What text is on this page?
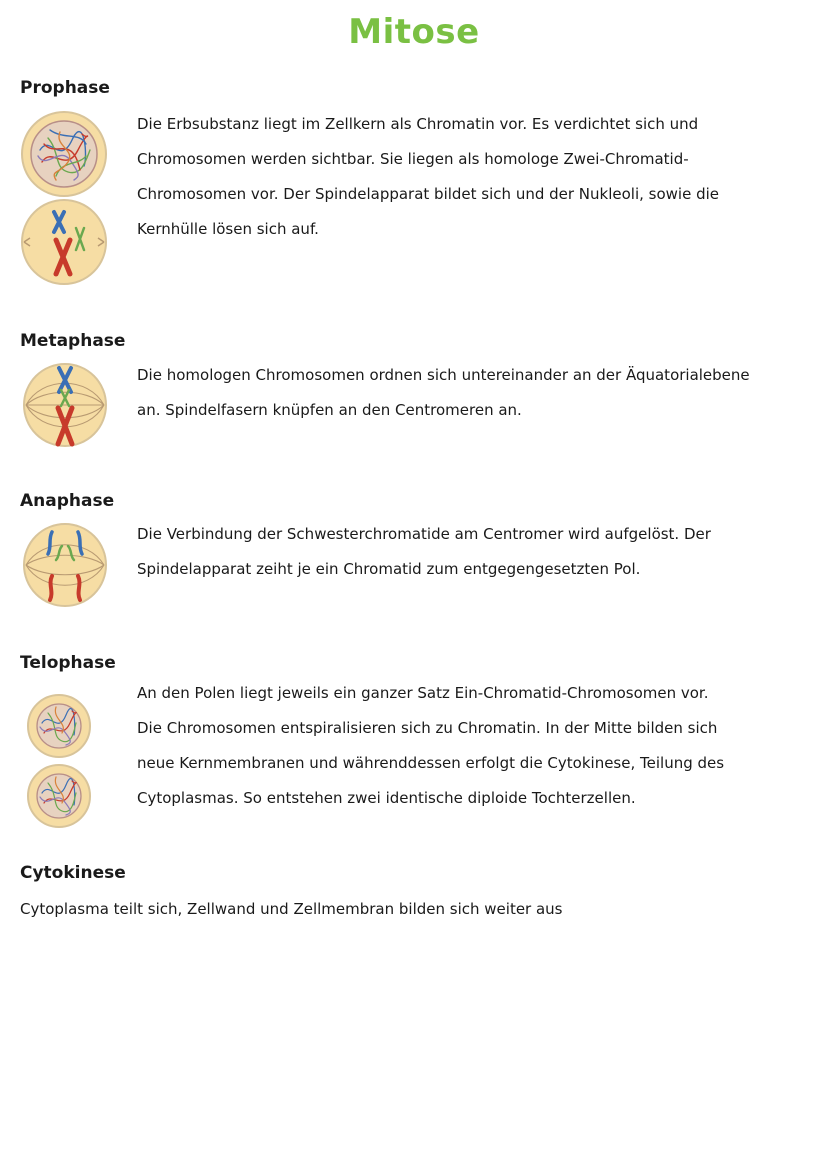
Mitose
Prophase
Die Erbsubstanz liegt im Zellkern als Chromatin vor. Es verdichtet sich und
Chromosomen werden sichtbar. Sie liegen als homologe Zwei-Chromatid-
Chromosomen vor. Der Spindelapparat bildet sich und der Nukleoli, sowie die
Kernhülle lösen sich auf.
Metaphase
Die homologen Chromosomen ordnen sich untereinander an der Äquatorialebene
an. Spindelfasern knüpfen an den Centromeren an.
Anaphase
Die Verbindung der Schwesterchromatide am Centromer wird aufgelöst. Der
Spindelapparat zeiht je ein Chromatid zum entgegengesetzten Pol.
Telophase
An den Polen liegt jeweils ein ganzer Satz Ein-Chromatid-Chromosomen vor.
Die Chromosomen entspiralisieren sich zu Chromatin. In der Mitte bilden sich
neue Kernmembranen und währenddessen erfolgt die Cytokinese, Teilung des
Cytoplasmas. So entstehen zwei identische diploide Tochterzellen.
Cytokinese
Cytoplasma teilt sich, Zellwand und Zellmembran bilden sich weiter aus
